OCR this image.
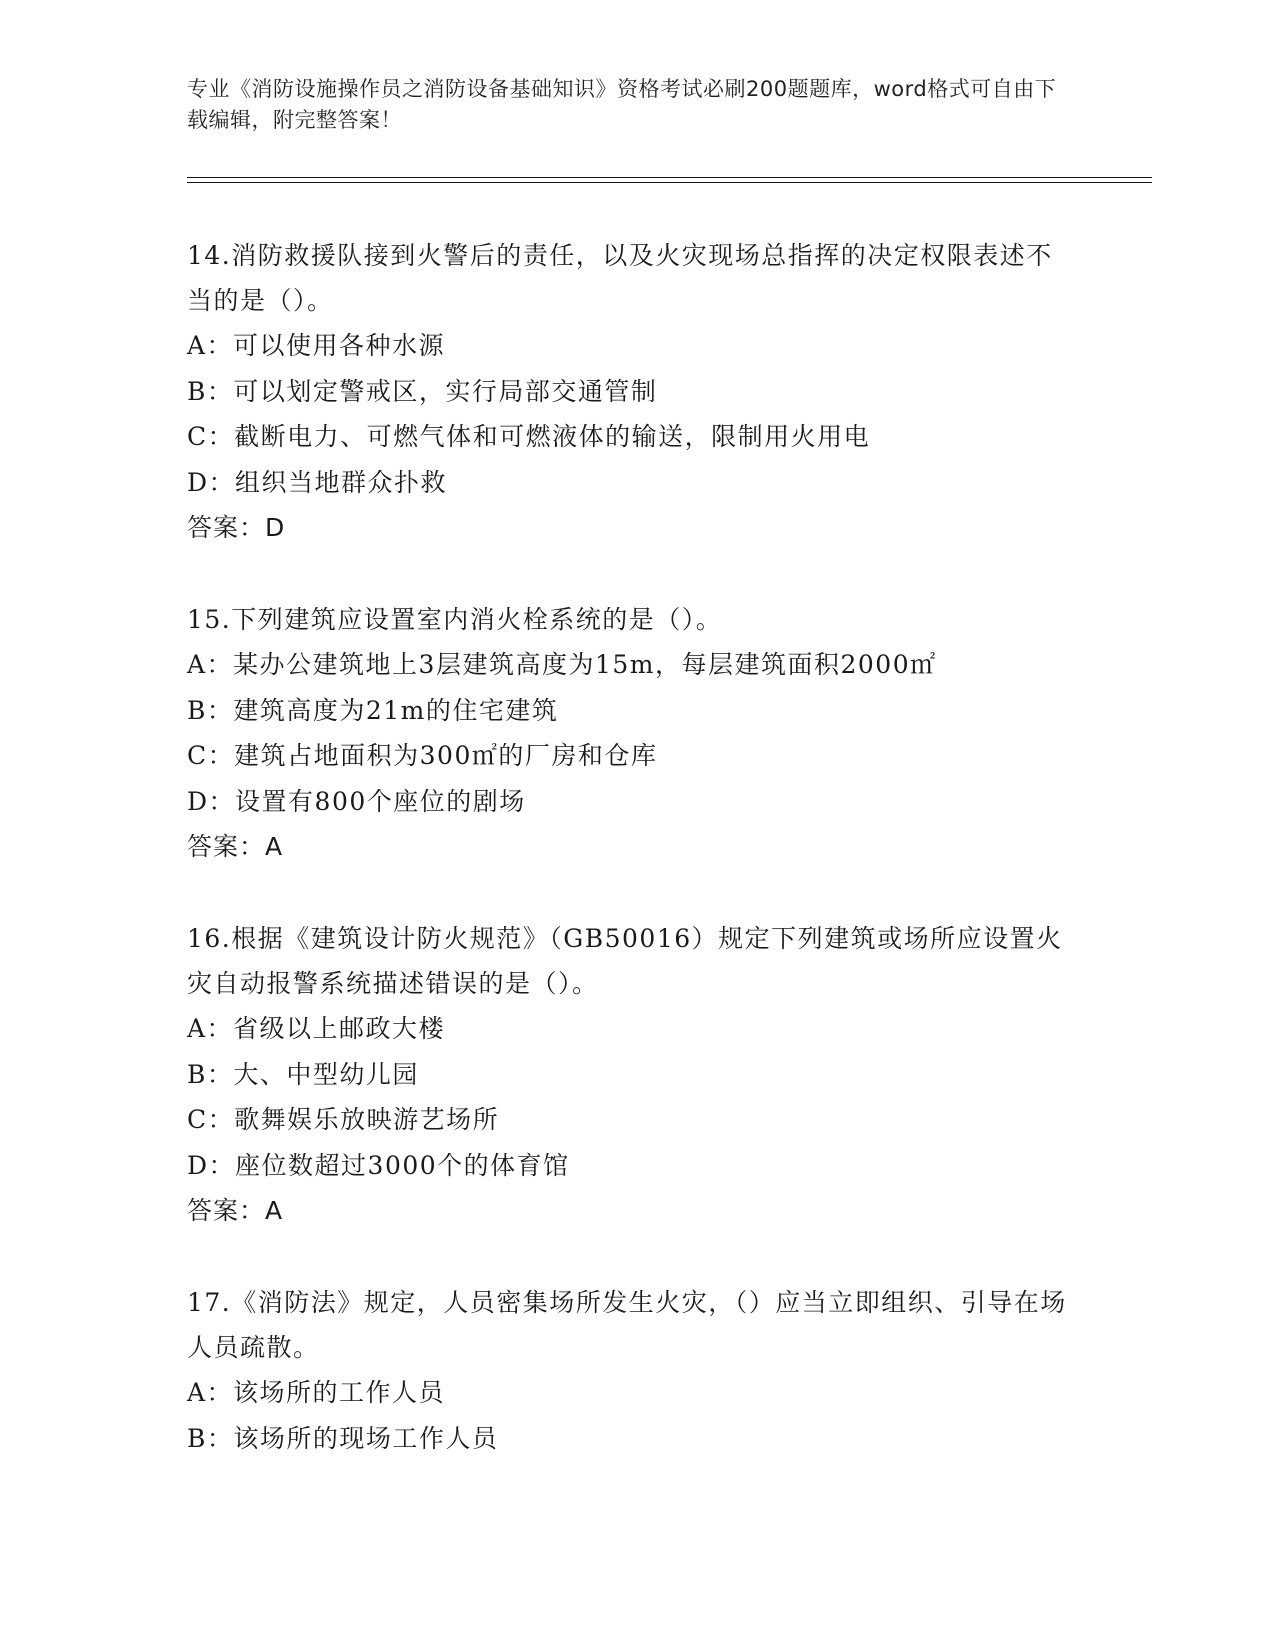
专业《消防设施操作员之消防设备基础知识》资格考试必刷200题题库，word格式可自由下载编辑，附完整答案！
14.消防救援队接到火警后的责任，以及火灾现场总指挥的决定权限表述不当的是（）。
A：可以使用各种水源
B：可以划定警戒区，实行局部交通管制
C：截断电力、可燃气体和可燃液体的输送，限制用火用电
D：组织当地群众扑救
答案：D
15.下列建筑应设置室内消火栓系统的是（）。
A：某办公建筑地上3层建筑高度为15m，每层建筑面积2000㎡
B：建筑高度为21m的住宅建筑
C：建筑占地面积为300㎡的厂房和仓库
D：设置有800个座位的剧场
答案：A
16.根据《建筑设计防火规范》（GB50016）规定下列建筑或场所应设置火灾自动报警系统描述错误的是（）。
A：省级以上邮政大楼
B：大、中型幼儿园
C：歌舞娱乐放映游艺场所
D：座位数超过3000个的体育馆
答案：A
17.《消防法》规定，人员密集场所发生火灾，（）应当立即组织、引导在场人员疏散。
A：该场所的工作人员
B：该场所的现场工作人员
